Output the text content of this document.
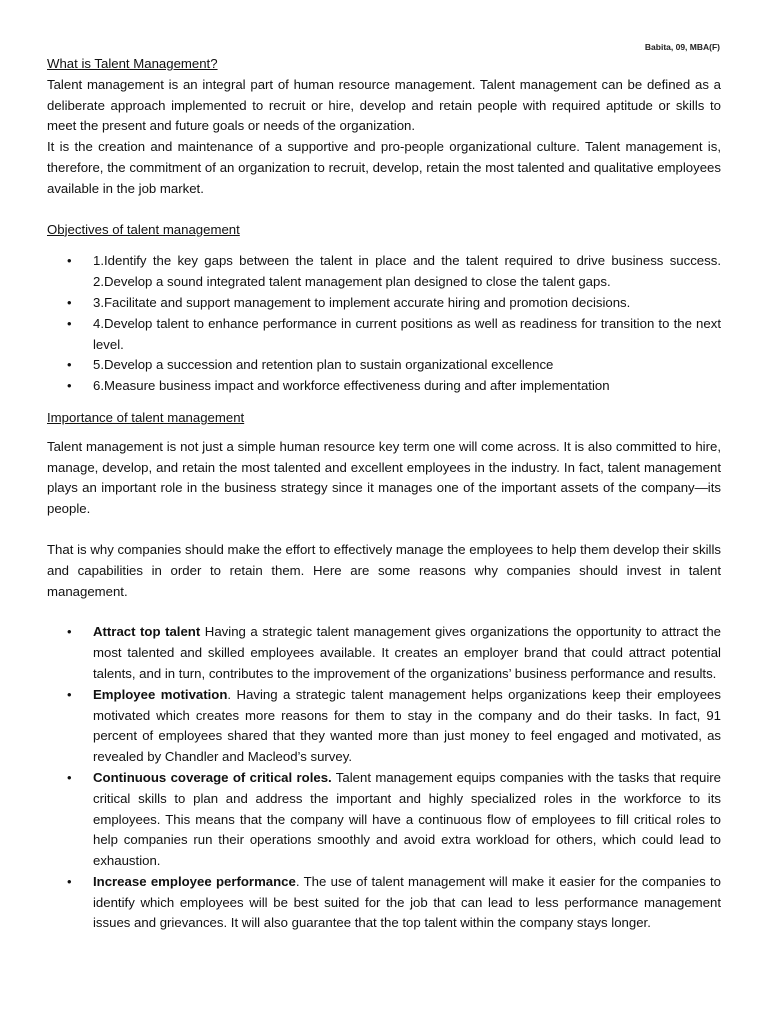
Babita, 09, MBA(F)
What is Talent Management?

Talent management is an integral part of human resource management. Talent management can be defined as a deliberate approach implemented to recruit or hire, develop and retain people with required aptitude or skills to meet the present and future goals or needs of the organization.

It is the creation and maintenance of a supportive and pro-people organizational culture. Talent management is, therefore, the commitment of an organization to recruit, develop, retain the most talented and qualitative employees available in the job market.

Objectives of talent management
• 1.Identify the key gaps between the talent in place and the talent required to drive business success. 2.Develop a sound integrated talent management plan designed to close the talent gaps.
• 3.Facilitate and support management to implement accurate hiring and promotion decisions.
• 4.Develop talent to enhance performance in current positions as well as readiness for transition to the next level.
• 5.Develop a succession and retention plan to sustain organizational excellence
• 6.Measure business impact and workforce effectiveness during and after implementation
Importance of talent management

Talent management is not just a simple human resource key term one will come across. It is also committed to hire, manage, develop, and retain the most talented and excellent employees in the industry. In fact, talent management plays an important role in the business strategy since it manages one of the important assets of the company—its people.

That is why companies should make the effort to effectively manage the employees to help them develop their skills and capabilities in order to retain them. Here are some reasons why companies should invest in talent management.

• Attract top talent Having a strategic talent management gives organizations the opportunity to attract the most talented and skilled employees available. It creates an employer brand that could attract potential talents, and in turn, contributes to the improvement of the organizations’ business performance and results.
• Employee motivation. Having a strategic talent management helps organizations keep their employees motivated which creates more reasons for them to stay in the company and do their tasks. In fact, 91 percent of employees shared that they wanted more than just money to feel engaged and motivated, as revealed by Chandler and Macleod’s survey.
• Continuous coverage of critical roles. Talent management equips companies with the tasks that require critical skills to plan and address the important and highly specialized roles in the workforce to its employees. This means that the company will have a continuous flow of employees to fill critical roles to help companies run their operations smoothly and avoid extra workload for others, which could lead to exhaustion.
• Increase employee performance. The use of talent management will make it easier for the companies to identify which employees will be best suited for the job that can lead to less performance management issues and grievances. It will also guarantee that the top talent within the company stays longer.
